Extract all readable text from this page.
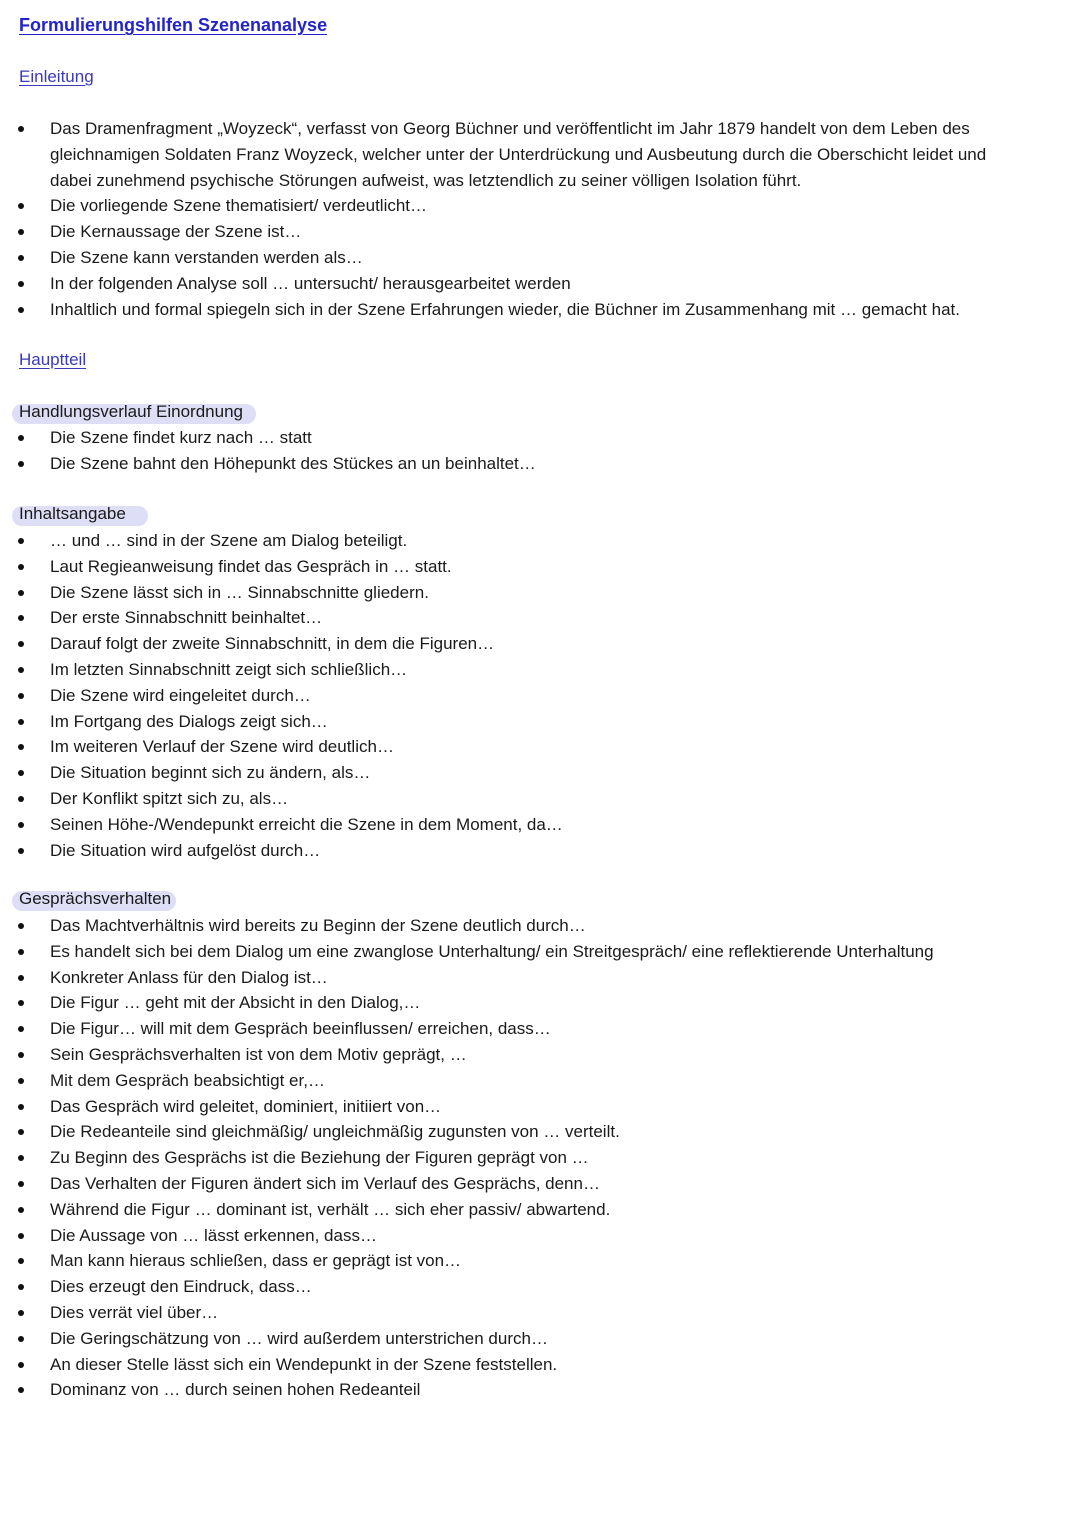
Formulierungshilfen Szenenanalyse
Einleitung
Das Dramenfragment „Woyzeck“, verfasst von Georg Büchner und veröffentlicht im Jahr 1879 handelt von dem Leben des gleichnamigen Soldaten Franz Woyzeck, welcher unter der Unterdrückung und Ausbeutung durch die Oberschicht leidet und dabei zunehmend psychische Störungen aufweist, was letztendlich zu seiner völligen Isolation führt.
Die vorliegende Szene thematisiert/ verdeutlicht…
Die Kernaussage der Szene ist…
Die Szene kann verstanden werden als…
In der folgenden Analyse soll … untersucht/ herausgearbeitet werden
Inhaltlich und formal spiegeln sich in der Szene Erfahrungen wieder, die Büchner im Zusammenhang mit … gemacht hat.
Hauptteil
Handlungsverlauf Einordnung
Die Szene findet kurz nach … statt
Die Szene bahnt den Höhepunkt des Stückes an un beinhaltet…
Inhaltsangabe
… und … sind in der Szene am Dialog beteiligt.
Laut Regieanweisung findet das Gespräch in … statt.
Die Szene lässt sich in … Sinnabschnitte gliedern.
Der erste Sinnabschnitt beinhaltet…
Darauf folgt der zweite Sinnabschnitt, in dem die Figuren…
Im letzten Sinnabschnitt zeigt sich schließlich…
Die Szene wird eingeleitet durch…
Im Fortgang des Dialogs zeigt sich…
Im weiteren Verlauf der Szene wird deutlich…
Die Situation beginnt sich zu ändern, als…
Der Konflikt spitzt sich zu, als…
Seinen Höhe-/Wendepunkt erreicht die Szene in dem Moment, da…
Die Situation wird aufgelöst durch…
Gesprächsverhalten
Das Machtverhältnis wird bereits zu Beginn der Szene deutlich durch…
Es handelt sich bei dem Dialog um eine zwanglose Unterhaltung/ ein Streitgespräch/ eine reflektierende Unterhaltung
Konkreter Anlass für den Dialog ist…
Die Figur … geht mit der Absicht in den Dialog,…
Die Figur… will mit dem Gespräch beeinflussen/ erreichen, dass…
Sein Gesprächsverhalten ist von dem Motiv geprägt, …
Mit dem Gespräch beabsichtigt er,…
Das Gespräch wird geleitet, dominiert, initiiert von…
Die Redeanteile sind gleichmäßig/ ungleichmäßig zugunsten von … verteilt.
Zu Beginn des Gesprächs ist die Beziehung der Figuren geprägt von …
Das Verhalten der Figuren ändert sich im Verlauf des Gesprächs, denn…
Während die Figur … dominant ist, verhält … sich eher passiv/ abwartend.
Die Aussage von … lässt erkennen, dass…
Man kann hieraus schließen, dass er geprägt ist von…
Dies erzeugt den Eindruck, dass…
Dies verrät viel über…
Die Geringschätzung von … wird außerdem unterstrichen durch…
An dieser Stelle lässt sich ein Wendepunkt in der Szene feststellen.
Dominanz von … durch seinen hohen Redeanteil
